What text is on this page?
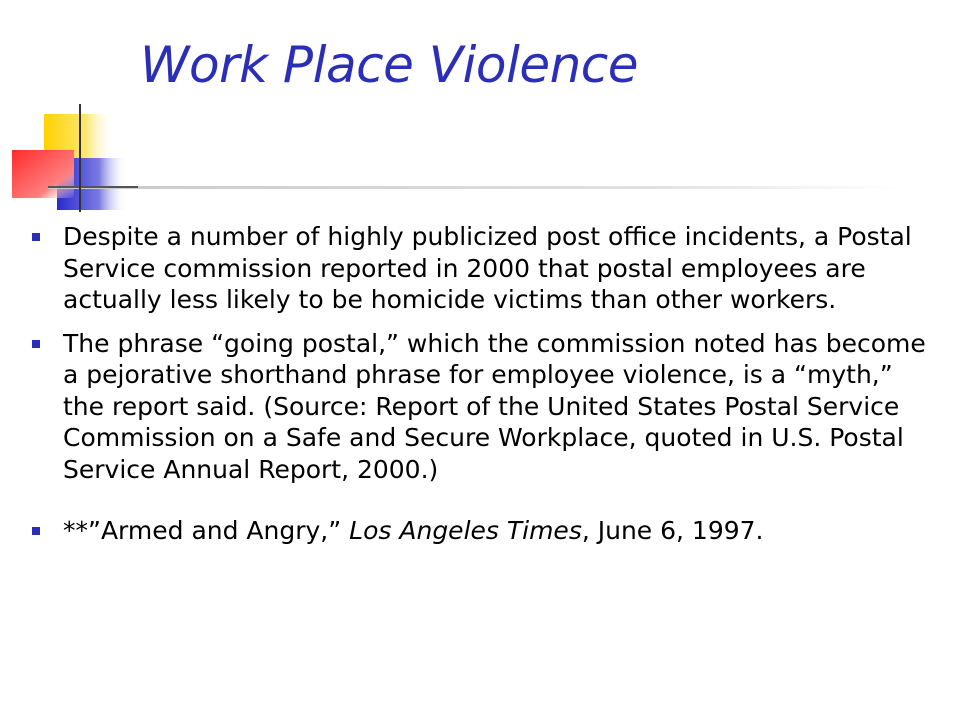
Work Place Violence
Despite a number of highly publicized post office incidents, a Postal Service commission reported in 2000 that postal employees are actually less likely to be homicide victims than other workers.
The phrase “going postal,” which the commission noted has become a pejorative shorthand phrase for employee violence, is a “myth,” the report said. (Source: Report of the United States Postal Service Commission on a Safe and Secure Workplace, quoted in U.S. Postal Service Annual Report, 2000.)
**”Armed and Angry,” Los Angeles Times, June 6, 1997.
